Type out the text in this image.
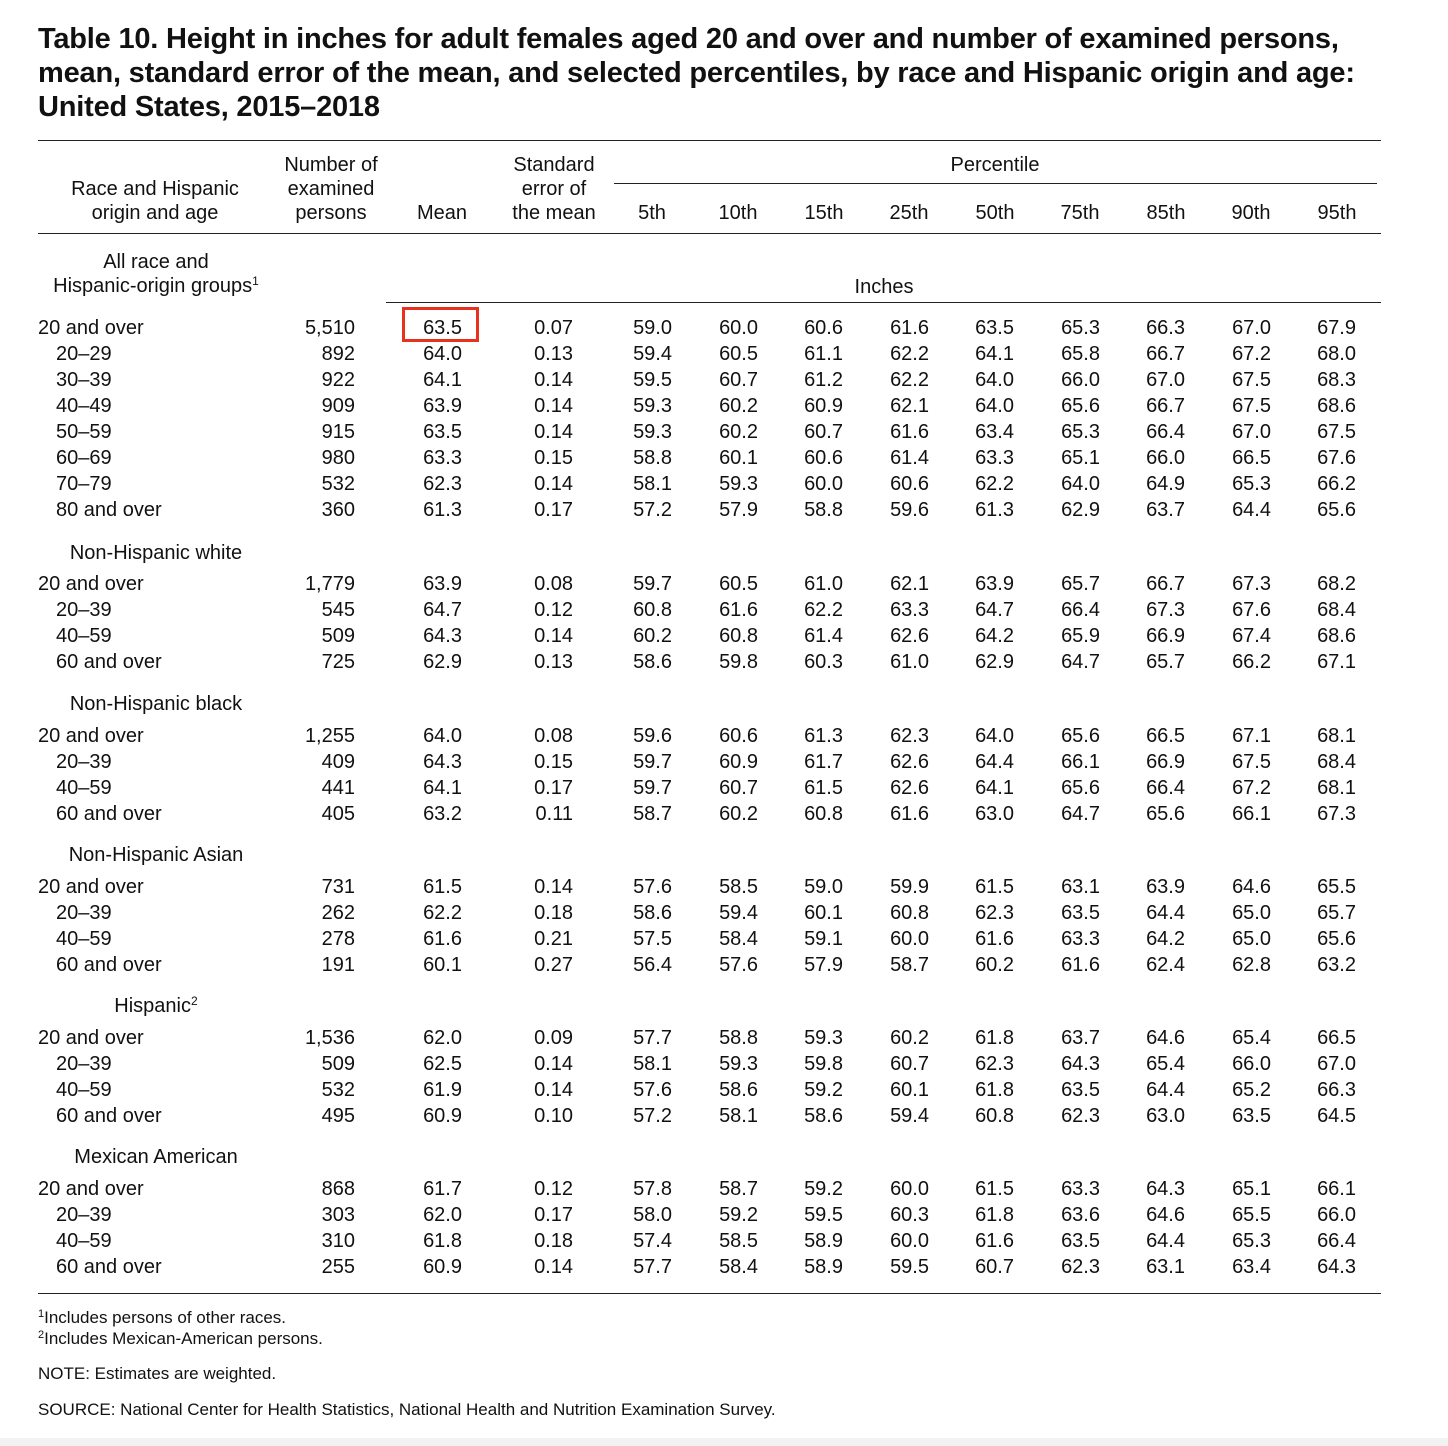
Table 10. Height in inches for adult females aged 20 and over and number of examined persons, mean, standard error of the mean, and selected percentiles, by race and Hispanic origin and age: United States, 2015–2018
Race and Hispanic
origin and age
Number of
examined
persons	Mean
Standard
error of
the mean
Percentile
5th	10th	15th	25th	50th	75th	85th	90th	95th
Inches
All race and
Hispanic-origin groups$^1$
20 and over	5,510	63.5	0.07	59.0	60.0	60.6	61.6	63.5	65.3	66.3	67.0	67.9
20–29	892	64.0	0.13	59.4	60.5	61.1	62.2	64.1	65.8	66.7	67.2	68.0
30–39	922	64.1	0.14	59.5	60.7	61.2	62.2	64.0	66.0	67.0	67.5	68.3
40–49	909	63.9	0.14	59.3	60.2	60.9	62.1	64.0	65.6	66.7	67.5	68.6
50–59	915	63.5	0.14	59.3	60.2	60.7	61.6	63.4	65.3	66.4	67.0	67.5
60–69	980	63.3	0.15	58.8	60.1	60.6	61.4	63.3	65.1	66.0	66.5	67.6
70–79	532	62.3	0.14	58.1	59.3	60.0	60.6	62.2	64.0	64.9	65.3	66.2
80 and over	360	61.3	0.17	57.2	57.9	58.8	59.6	61.3	62.9	63.7	64.4	65.6
Non-Hispanic white
20 and over	1,779	63.9	0.08	59.7	60.5	61.0	62.1	63.9	65.7	66.7	67.3	68.2
20–39	545	64.7	0.12	60.8	61.6	62.2	63.3	64.7	66.4	67.3	67.6	68.4
40–59	509	64.3	0.14	60.2	60.8	61.4	62.6	64.2	65.9	66.9	67.4	68.6
60 and over	725	62.9	0.13	58.6	59.8	60.3	61.0	62.9	64.7	65.7	66.2	67.1
Non-Hispanic black
20 and over	1,255	64.0	0.08	59.6	60.6	61.3	62.3	64.0	65.6	66.5	67.1	68.1
20–39	409	64.3	0.15	59.7	60.9	61.7	62.6	64.4	66.1	66.9	67.5	68.4
40–59	441	64.1	0.17	59.7	60.7	61.5	62.6	64.1	65.6	66.4	67.2	68.1
60 and over	405	63.2	0.11	58.7	60.2	60.8	61.6	63.0	64.7	65.6	66.1	67.3
Non-Hispanic Asian
20 and over	731	61.5	0.14	57.6	58.5	59.0	59.9	61.5	63.1	63.9	64.6	65.5
20–39	262	62.2	0.18	58.6	59.4	60.1	60.8	62.3	63.5	64.4	65.0	65.7
40–59	278	61.6	0.21	57.5	58.4	59.1	60.0	61.6	63.3	64.2	65.0	65.6
60 and over	191	60.1	0.27	56.4	57.6	57.9	58.7	60.2	61.6	62.4	62.8	63.2
Hispanic$^2$
20 and over	1,536	62.0	0.09	57.7	58.8	59.3	60.2	61.8	63.7	64.6	65.4	66.5
20–39	509	62.5	0.14	58.1	59.3	59.8	60.7	62.3	64.3	65.4	66.0	67.0
40–59	532	61.9	0.14	57.6	58.6	59.2	60.1	61.8	63.5	64.4	65.2	66.3
60 and over	495	60.9	0.10	57.2	58.1	58.6	59.4	60.8	62.3	63.0	63.5	64.5
Mexican American
20 and over	868	61.7	0.12	57.8	58.7	59.2	60.0	61.5	63.3	64.3	65.1	66.1
20–39	303	62.0	0.17	58.0	59.2	59.5	60.3	61.8	63.6	64.6	65.5	66.0
40–59	310	61.8	0.18	57.4	58.5	58.9	60.0	61.6	63.5	64.4	65.3	66.4
60 and over	255	60.9	0.14	57.7	58.4	58.9	59.5	60.7	62.3	63.1	63.4	64.3
$^1$Includes persons of other races.
$^2$Includes Mexican-American persons.
NOTE: Estimates are weighted.
SOURCE: National Center for Health Statistics, National Health and Nutrition Examination Survey.
